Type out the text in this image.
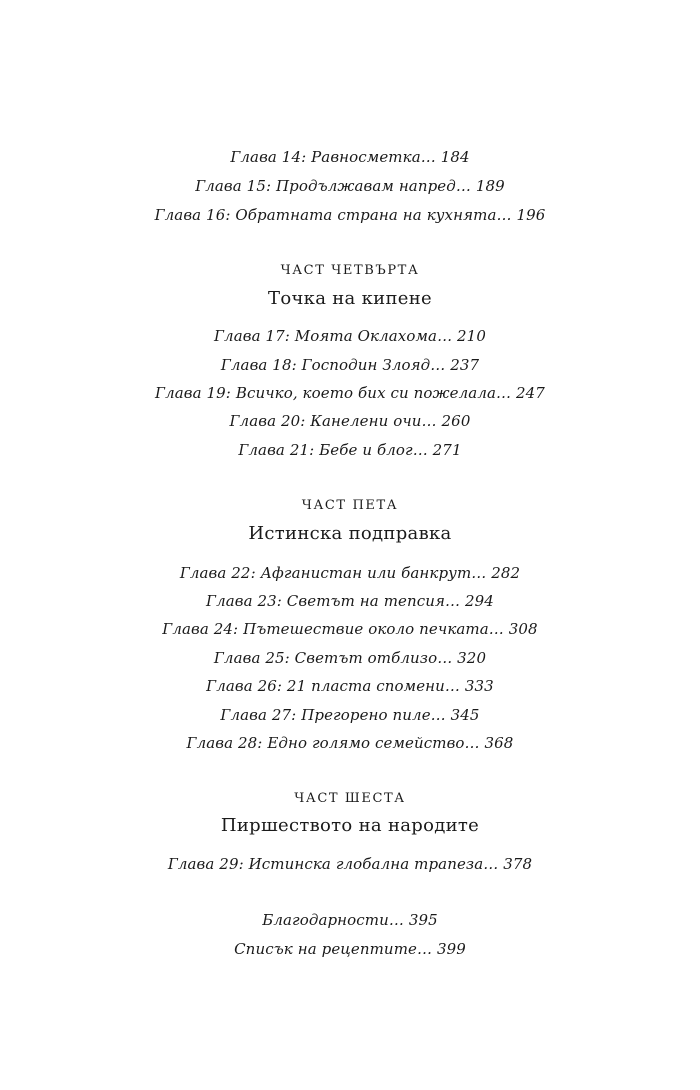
Глава 14: Равносметка… 184
Глава 15: Продължавам напред… 189
Глава 16: Обратната страна на кухнята… 196
ЧАСТ ЧЕТВЪРТА
Точка на кипене
Глава 17: Моята Оклахома… 210
Глава 18: Господин Злояд… 237
Глава 19: Всичко, което бих си пожелала… 247
Глава 20: Канелени очи… 260
Глава 21: Бебе и блог… 271
ЧАСТ ПЕТА
Истинска подправка
Глава 22: Афганистан или банкрут… 282
Глава 23: Светът на тепсия… 294
Глава 24: Пътешествие около печката… 308
Глава 25: Светът отблизо… 320
Глава 26: 21 пласта спомени… 333
Глава 27: Прегорено пиле… 345
Глава 28: Едно голямо семейство… 368
ЧАСТ ШЕСТА
Пиршеството на народите
Глава 29: Истинска глобална трапеза… 378
Благодарности… 395
Списък на рецептите… 399
